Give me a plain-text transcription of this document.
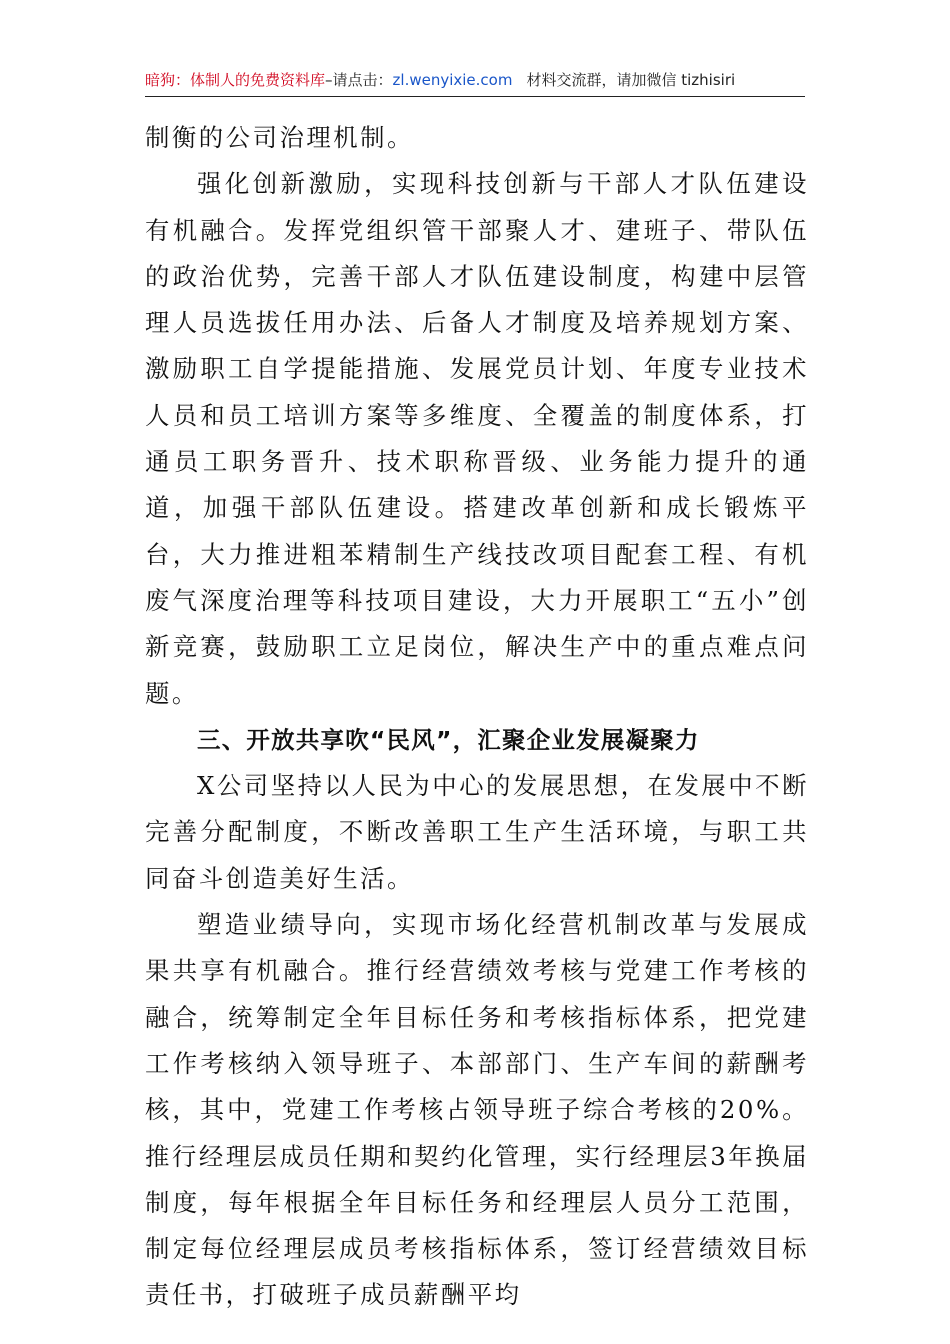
暗狗：体制人的免费资料库–请点击：zl.wenyixie.com 材料交流群，请加微信 tizhisiri

制衡的公司治理机制。

强化创新激励，实现科技创新与干部人才队伍建设有机融合。发挥党组织管干部聚人才、建班子、带队伍的政治优势，完善干部人才队伍建设制度，构建中层管理人员选拔任用办法、后备人才制度及培养规划方案、激励职工自学提能措施、发展党员计划、年度专业技术人员和员工培训方案等多维度、全覆盖的制度体系，打通员工职务晋升、技术职称晋级、业务能力提升的通道，加强干部队伍建设。搭建改革创新和成长锻炼平台，大力推进粗苯精制生产线技改项目配套工程、有机废气深度治理等科技项目建设，大力开展职工“五小”创新竞赛，鼓励职工立足岗位，解决生产中的重点难点问题。

三、开放共享吹“民风”，汇聚企业发展凝聚力

X公司坚持以人民为中心的发展思想，在发展中不断完善分配制度，不断改善职工生产生活环境，与职工共同奋斗创造美好生活。

塑造业绩导向，实现市场化经营机制改革与发展成果共享有机融合。推行经营绩效考核与党建工作考核的融合，统筹制定全年目标任务和考核指标体系，把党建工作考核纳入领导班子、本部部门、生产车间的薪酬考核，其中，党建工作考核占领导班子综合考核的20%。推行经理层成员任期和契约化管理，实行经理层3年换届制度，每年根据全年目标任务和经理层人员分工范围，制定每位经理层成员考核指标体系，签订经营绩效目标责任书，打破班子成员薪酬平均
